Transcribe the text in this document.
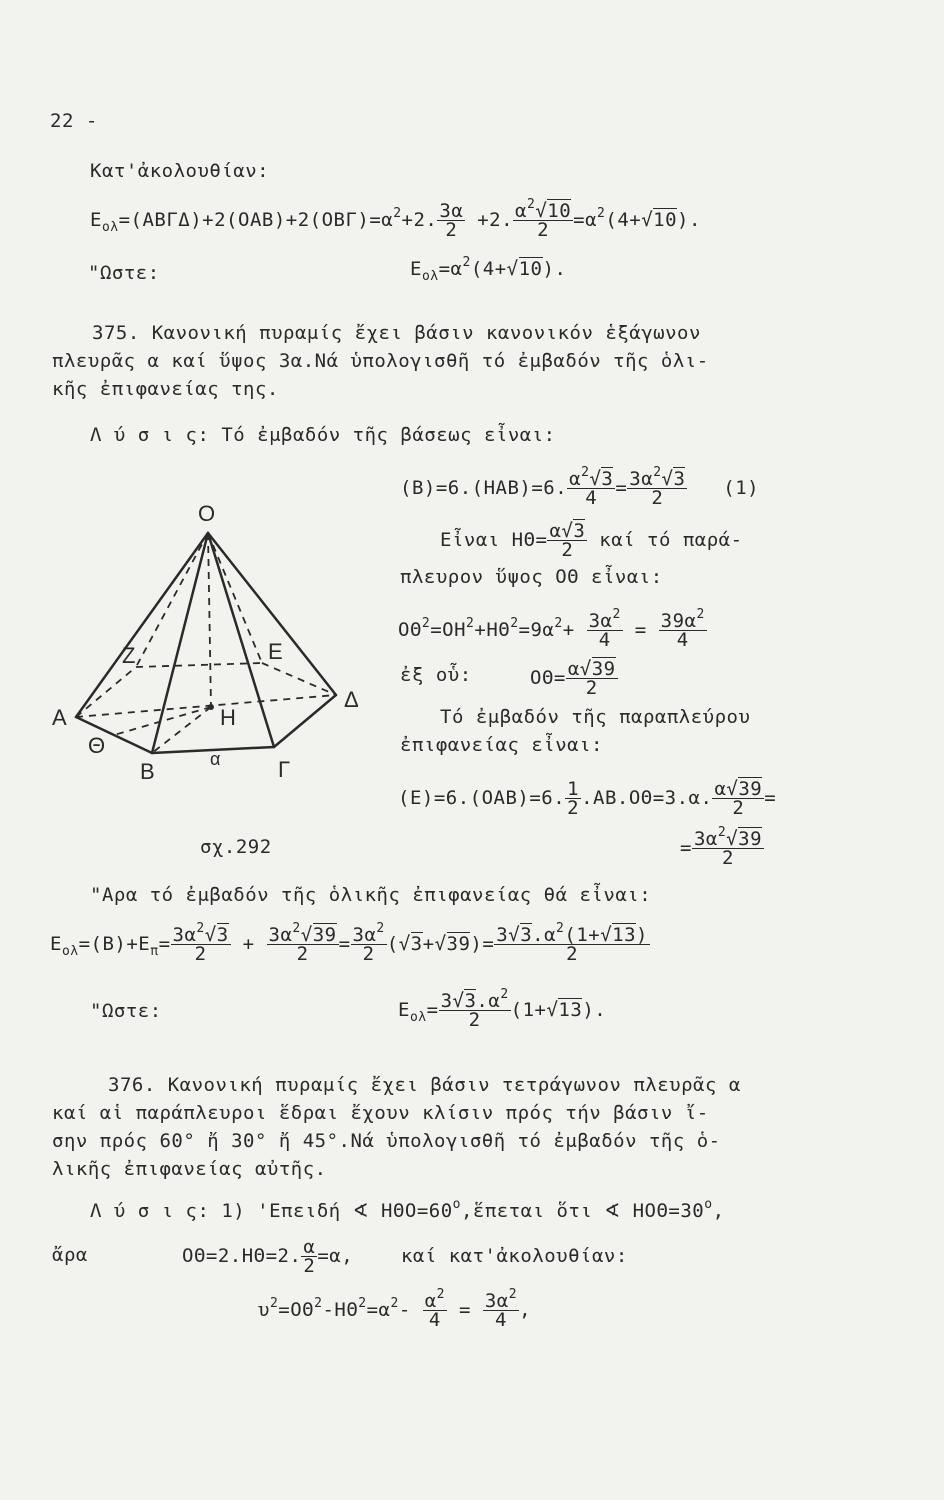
22 -
Κατ'ἀκολουθίαν:
$E_{o\lambda}=(AB\Gamma\Delta)+2(OAB)+2(OB\Gamma)=\alpha^2+2$. $\frac{3\alpha}{2} +2$. $\frac{\alpha^2√10}{2} =\alpha^2(4+√10)$.
"Ωστε:	$E_{o\lambda}=\alpha^2(4+√10)$.
375. Κανονική πυραμίς ἔχει βάσιν κανονικόν ἑξάγωνον
πλευρᾶς α καί ὕψος 3α.Νά ὑπολογισθῆ τό ἐμβαδόν τῆς ὁλι-
κῆς ἐπιφανείας της.
Λ ύ σ ι ς: Τό ἐμβαδόν τῆς βάσεως εἶναι:
(Β)=6.(ΗΑΒ)=6. $\frac{\alpha^2√3}{4} = \frac{3\alpha^2√3}{2} (1)$
Εἶναι $H\Theta= \frac{\alpha√3}{2}$ καί τό παρά-
πλευρον ὕψος ΟΘ εἶναι:
$O\Theta^2=OH^2+H\Theta^2=9\alpha^2+ \frac{3\alpha^2}{4} = \frac{39\alpha^2}{4}$
ἐξ οὗ:	$O\Theta= \frac{\alpha√39}{2}$
Τό ἐμβαδόν τῆς παραπλεύρου
ἐπιφανείας εἶναι:
(Ε)=6.(ΟΑΒ)=6. $\frac{1}{2} .AB.O\Theta=3.\alpha$. $\frac{\alpha√39}{2}$ =
= $\frac{3\alpha^2√39}{2}$
σχ.292
"Αρα τό ἐμβαδόν τῆς ὁλικῆς ἐπιφανείας θά εἶναι:
$E_{o\lambda}=(B)+E_\pi= \frac{3\alpha^2√3}{2} + \frac{3\alpha^2√39}{2} = \frac{3\alpha^2}{2} (√3+√39)= \frac{3√3.\alpha^2(1+√13)}{2}$
"Ωστε:	$E_{o\lambda}= \frac{3√3.\alpha^2}{2} (1+√13)$.
376. Κανονική πυραμίς ἔχει βάσιν τετράγωνον πλευρᾶς α
καί αἱ παράπλευροι ἕδραι ἔχουν κλίσιν πρός τήν βάσιν ἴ-
σην πρός 60° ἤ 30° ἤ 45°.Νά ὑπολογισθῆ τό ἐμβαδόν τῆς ὁ-
λικῆς ἐπιφανείας αὐτῆς.
Λ ύ σ ι ς: 1) 'Επειδή ∢ $H\Theta O=60^o,ἕ\pi\varepsilon\tau\alpha\iota$ ὅτι ∢ $HO\Theta=30^o$,
ἄρα	ΟΘ=2.ΗΘ=2. $\frac{\alpha}{2} =\alpha$,	καί κατ'ἀκολουθίαν:
$\upsilon^2=O\Theta^2-H\Theta^2=\alpha^2- \frac{\alpha^2}{4} = \frac{3\alpha^2}{4}$ ,
Ο
Ζ	Ε
Α
Δ
Η
Θ
Β	Γ
α
